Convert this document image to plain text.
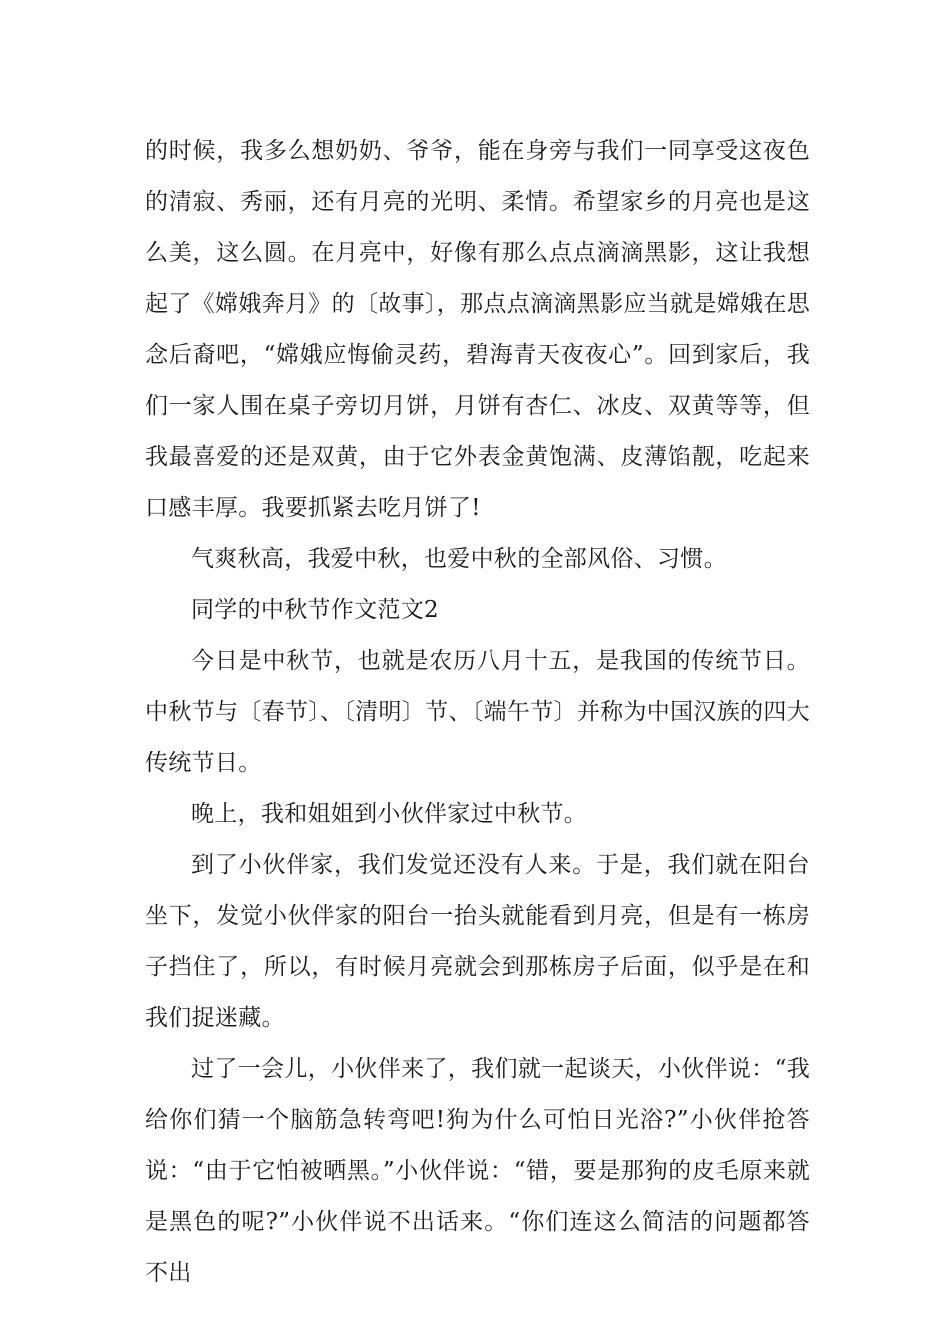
的时候，我多么想奶奶、爷爷，能在身旁与我们一同享受这夜色的清寂、秀丽，还有月亮的光明、柔情。希望家乡的月亮也是这么美，这么圆。在月亮中，好像有那么点点滴滴黑影，这让我想起了《嫦娥奔月》的〔故事〕，那点点滴滴黑影应当就是嫦娥在思念后裔吧，“嫦娥应悔偷灵药，碧海青天夜夜心”。回到家后，我们一家人围在桌子旁切月饼，月饼有杏仁、冰皮、双黄等等，但我最喜爱的还是双黄，由于它外表金黄饱满、皮薄馅靓，吃起来口感丰厚。我要抓紧去吃月饼了!

气爽秋高，我爱中秋，也爱中秋的全部风俗、习惯。

同学的中秋节作文范文2

今日是中秋节，也就是农历八月十五，是我国的传统节日。中秋节与〔春节〕、〔清明〕节、〔端午节〕并称为中国汉族的四大传统节日。

晚上，我和姐姐到小伙伴家过中秋节。

到了小伙伴家，我们发觉还没有人来。于是，我们就在阳台坐下，发觉小伙伴家的阳台一抬头就能看到月亮，但是有一栋房子挡住了，所以，有时候月亮就会到那栋房子后面，似乎是在和我们捉迷藏。

过了一会儿，小伙伴来了，我们就一起谈天，小伙伴说：“我给你们猜一个脑筋急转弯吧!狗为什么可怕日光浴?”小伙伴抢答说：“由于它怕被晒黑。”小伙伴说：“错，要是那狗的皮毛原来就是黑色的呢?”小伙伴说不出话来。“你们连这么简洁的问题都答不出
